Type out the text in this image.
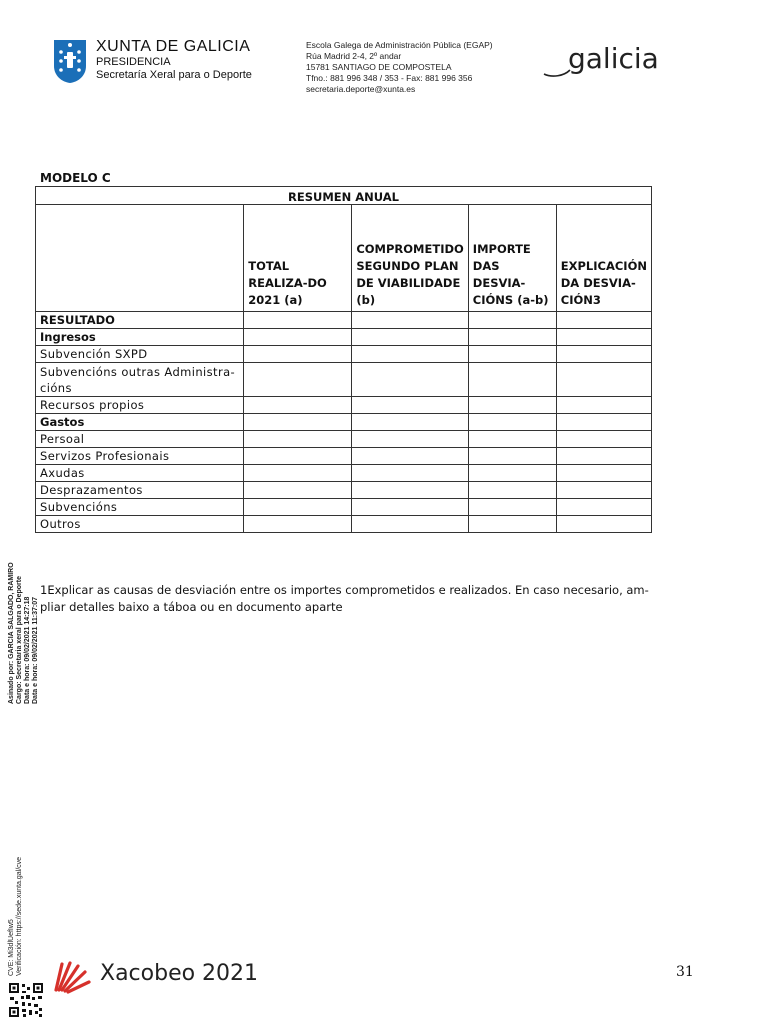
XUNTA DE GALICIA
PRESIDENCIA
Secretaría Xeral para o Deporte
Escola Galega de Administración Pública (EGAP)
Rúa Madrid 2-4, 2º andar
15781 SANTIAGO DE COMPOSTELA
Tfno.: 881 996 348 / 353 - Fax: 881 996 356
secretaria.deporte@xunta.es
galicia
MODELO C
RESUMEN ANUAL				
	TOTAL REALIZA-DO 2021 (a)	COMPROMETIDO SEGUNDO PLAN DE VIABILIDADE (b)	IMPORTE DAS DESVIA-CIÓNS (a-b)	EXPLICACIÓN DA DESVIA-CIÓN3
RESULTADO				
Ingresos				
Subvención SXPD				
Subvencións outras Administra-cións				
Recursos propios				
Gastos				
Persoal				
Servizos Profesionais				
Axudas				
Desprazamentos				
Subvencións				
Outros				
1Explicar as causas de desviación entre os importes comprometidos e realizados. En caso necesario, am-pliar detalles baixo a táboa ou en documento aparte
Asinado por: GARCIA SALGADO, RAMIRO Cargo: Secretaria xeral para o Deporte Data e hora: 09/02/2021 14:27:18 Data e hora: 09/02/2021 11:37:07
CVE: Mi3dlUefIw5 Verificación: https://sede.xunta.gal/cve	Xacobeo 2021	31
